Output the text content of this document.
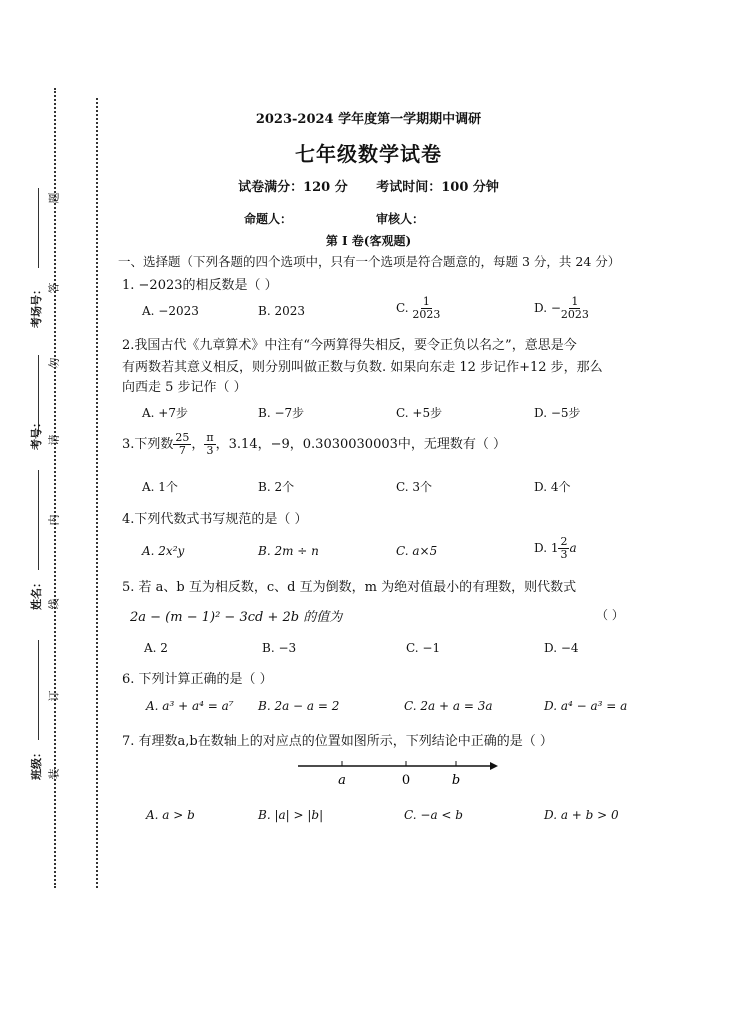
考场号：
考号：
姓名：
班级：
题
答
勿
请
内
线
订
装
2023-2024 学年度第一学期期中调研
七年级数学试卷
试卷满分：120 分 考试时间：100 分钟
命题人：	审核人：
第 I 卷(客观题)
一、选择题（下列各题的四个选项中，只有一个选项是符合题意的，每题 3 分，共 24 分）
1. −2023的相反数是（ ）
A. −2023	B. 2023	C. $\frac{1}{2023}$	D. − $\frac{1}{2023}$
2.我国古代《九章算术》中注有“今两算得失相反，要令正负以名之”，意思是今
有两数若其意义相反，则分别叫做正数与负数. 如果向东走 12 步记作+12 步，那么
向西走 5 步记作（ ）
A. +7步	B. −7步	C. +5步	D. −5步
3.下列数 $\frac{25}{7}$ ， $\frac{\pi}{3}$ ，3.14，−9，0.3030030003中，无理数有（ ）
A. 1个	B. 2个	C. 3个	D. 4个
4.下列代数式书写规范的是（ ）
A. 2x²y	B. 2m ÷ n	C. a×5	D. $1 \frac{2}{3}$ a
5. 若 a、b 互为相反数，c、d 互为倒数，m 为绝对值最小的有理数，则代数式
2a − (m − 1)² − 3cd + 2b 的值为	（ ）
A. 2	B. −3	C. −1	D. −4
6. 下列计算正确的是（ ）
A. a³ + a⁴ = a⁷ B. 2a − a = 2	C. 2a + a = 3a	D. a⁴ − a³ = a
7. 有理数a,b在数轴上的对应点的位置如图所示，下列结论中正确的是（ ）
a	0	b
A. a > b	B. |a| > |b|	C. −a < b	D. a + b > 0
